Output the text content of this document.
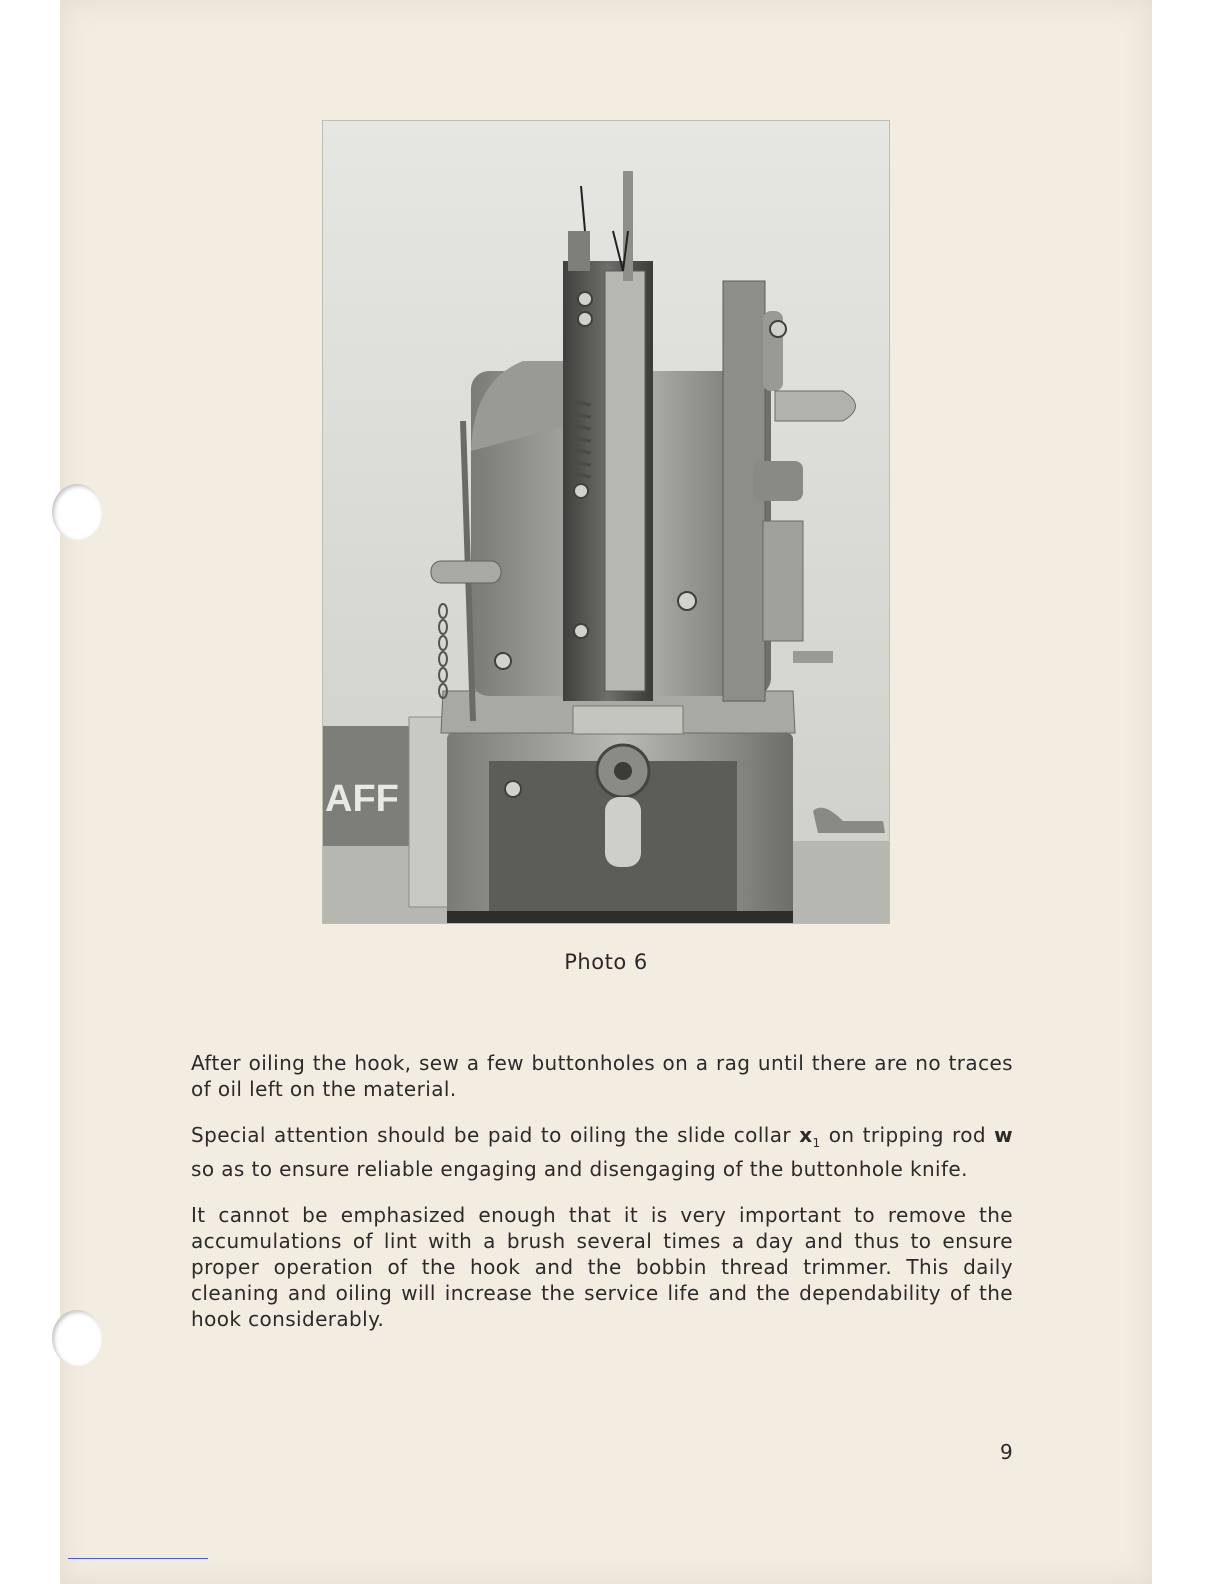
AFF
Photo 6

After oiling the hook, sew a few buttonholes on a rag until there are no traces of oil left on the material.

Special attention should be paid to oiling the slide collar $x_1$ on tripping rod w so as to ensure reliable engaging and disengaging of the buttonhole knife.

It cannot be emphasized enough that it is very important to remove the accumulations of lint with a brush several times a day and thus to ensure proper operation of the hook and the bobbin thread trimmer. This daily cleaning and oiling will increase the service life and the dependability of the hook considerably.

9
